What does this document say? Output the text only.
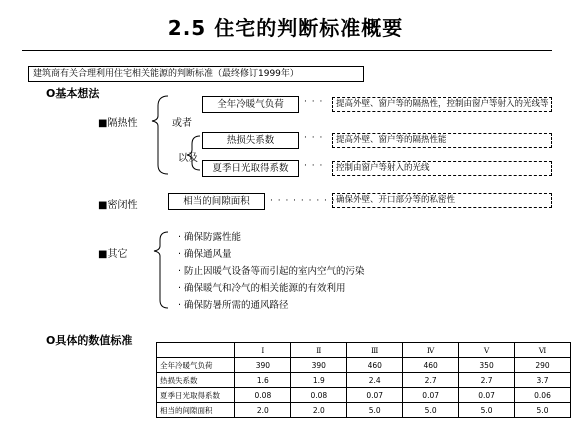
2.5 住宅的判断标准概要
建筑商有关合理利用住宅相关能源的判断标准（最终修订1999年）
O基本想法
■隔热性	或者
以及
全年冷暖气负荷	· · ·	提高外壁、窗户等的隔热性，控制由窗户等射入的光线等
热损失系数	· · ·	提高外壁、窗户等的隔热性能
夏季日光取得系数	· · ·	控制由窗户等射入的光线
■密闭性	相当的间隙面积	· · · · · · · · · 确保外壁、开口部分等的私密性
■其它
· 确保防露性能
· 确保通风量
· 防止因暖气设备等而引起的室内空气的污染
· 确保暖气和冷气的相关能源的有效利用
· 确保防暑所需的通风路径
O具体的数值标准
	Ⅰ	Ⅱ	Ⅲ	Ⅳ	Ⅴ	Ⅵ
全年冷暖气负荷	390	390	460	460	350	290
热损失系数	1.6	1.9	2.4	2.7	2.7	3.7
夏季日光取得系数	0.08	0.08	0.07	0.07	0.07	0.06
相当的间隙面积	2.0	2.0	5.0	5.0	5.0	5.0
